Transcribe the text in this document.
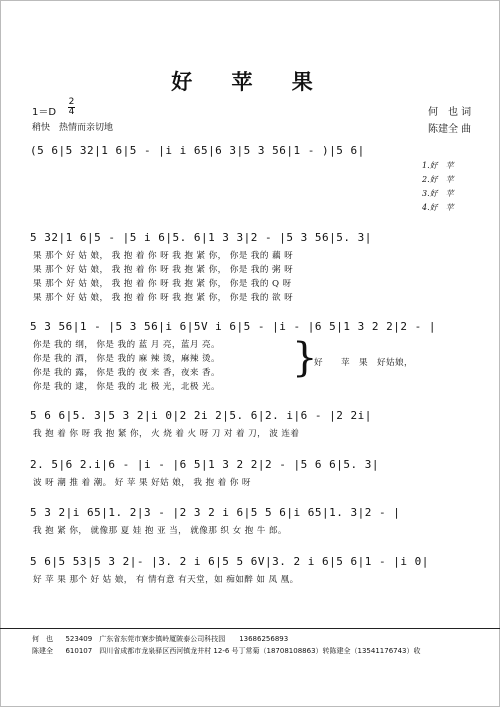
好 苹 果
1＝D
2
4
稍快　热情而亲切地
何　也 词
陈建全 曲
(5 6|5 32|1 6|5 - |i i 65|6 3|5 3 56|1 - )|5 6|
1.好　苹
2.好　苹
3.好　苹
4.好　苹
5 32|1 6|5 - |5 i 6|5. 6|1 3 3|2 - |5 3 56|5. 3|
果 那个 好 姑 娘， 我 抱 着 你 呀 我 抱 紧 你， 你是 我的 藕 呀
果 那个 好 姑 娘， 我 抱 着 你 呀 我 抱 紧 你， 你是 我的 粥 呀
果 那个 好 姑 娘， 我 抱 着 你 呀 我 抱 紧 你， 你是 我的 Q 呀
果 那个 好 姑 娘， 我 抱 着 你 呀 我 抱 紧 你， 你是 我的 欲 呀
5 3 56|1 - |5 3 56|i 6|5V i 6|5 - |i - |6 5|1 3 2 2|2 - |
你是 我的 纲， 你是 我的 蓝 月 亮，蓝月 亮。
你是 我的 酒， 你是 我的 麻 辣 烫，麻辣 烫。
你是 我的 露， 你是 我的 夜 来 香，夜来 香。
你是 我的 逮， 你是 我的 北 极 光，北极 光。
}
好　　苹　果　好姑娘，
5 6 6|5. 3|5 3 2|i 0|2 2i 2|5. 6|2. i|6 - |2 2i|
我 抱 着 你 呀 我 抱 紧 你， 火 烧 着 火 呀 刀 对 着 刀， 波 连着
2. 5|6 2.i|6 - |i - |6 5|1 3 2 2|2 - |5 6 6|5. 3|
波 呀 潮 推 着 潮。 好 苹 果 好姑 娘， 我 抱 着 你 呀
5 3 2|i 65|1. 2|3 - |2 3 2 i 6|5 5 6|i 65|1. 3|2 - |
我 抱 紧 你， 就像那 夏 娃 抱 亚 当， 就像那 织 女 抱 牛 郎。
5 6|5 53|5 3 2|- |3. 2 i 6|5 5 6V|3. 2 i 6|5 6|1 - |i 0|
好 苹 果 那个 好 姑 娘， 有 情有意 有天堂，如 痴如醉 如 凤 凰。
何　也 523409　广东省东莞市寮步镇岭厦陂泰公司科技园　　13686256893
陈建全 610107　四川省成都市龙泉驿区西河镇龙井村 12-6 号丁常菊（18708108863）转陈建全（13541176743）收
